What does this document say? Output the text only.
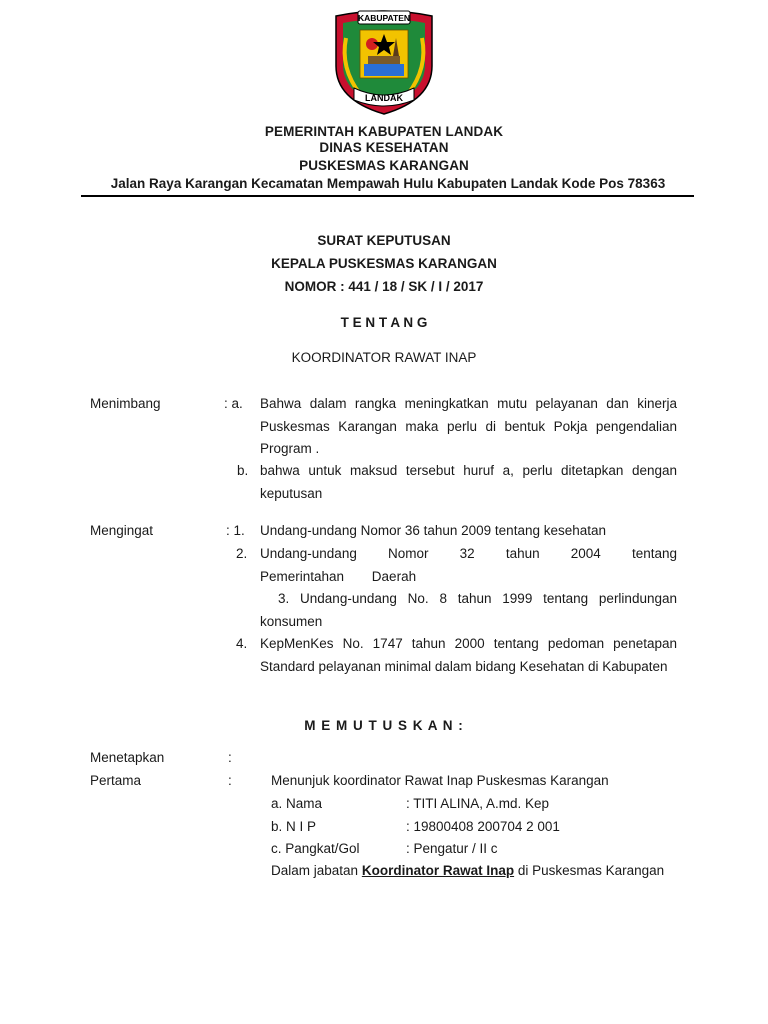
KABUPATEN
LANDAK
PEMERINTAH KABUPATEN LANDAK
DINAS KESEHATAN
PUSKESMAS KARANGAN
Jalan Raya Karangan Kecamatan Mempawah Hulu Kabupaten Landak Kode Pos 78363
SURAT KEPUTUSAN
KEPALA PUSKESMAS KARANGAN
NOMOR : 441 / 18 / SK / I / 2017
T E N T A N G
KOORDINATOR RAWAT INAP
Menimbang	: a. Bahwa dalam rangka meningkatkan mutu pelayanan dan kinerja Puskesmas Karangan maka perlu di bentuk Pokja pengendalian Program .
b. bahwa untuk maksud tersebut huruf a, perlu ditetapkan dengan keputusan
Mengingat	: 1. Undang-undang Nomor 36 tahun 2009 tentang kesehatan
2. Undang-undang Nomor 32 tahun 2004 tentang Pemerintahan Daerah
3. Undang-undang No. 8 tahun 1999 tentang perlindungan konsumen
4. KepMenKes No. 1747 tahun 2000 tentang pedoman penetapan Standard pelayanan minimal dalam bidang Kesehatan di Kabupaten
M E M U T U S K A N :
Menetapkan	:
Pertama	:	Menunjuk koordinator Rawat Inap Puskesmas Karangan
a. Nama	: TITI ALINA, A.md. Kep
b. N I P	: 19800408 200704 2 001
c. Pangkat/Gol	: Pengatur / II c
Dalam jabatan Koordinator Rawat Inap di Puskesmas Karangan
